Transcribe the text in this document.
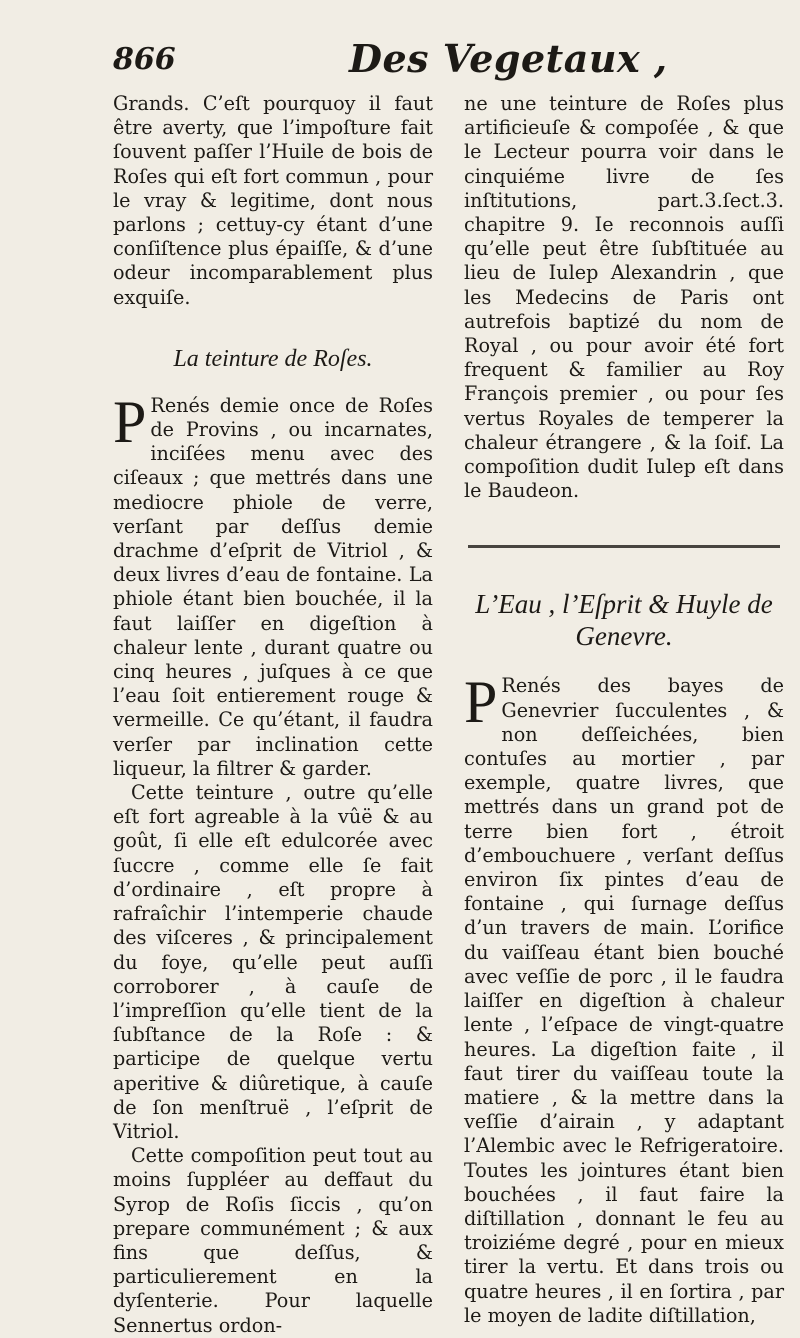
866	Des Vegetaux ,

Grands. C’eſt pourquoy il faut être averty, que l’impoſture fait ſouvent paſſer l’Huile de bois de Roſes qui eſt fort commun , pour le vray & legitime, dont nous parlons ; cettuy-cy étant d’une conſiſtence plus épaiſſe, & d’une odeur incomparablement plus exquiſe.

La teinture de Roſes.

P Renés demie once de Roſes de Provins , ou incarnates, inciſées menu avec des ciſeaux ; que mettrés dans une mediocre phiole de verre, verſant par deſſus demie drachme d’eſprit de Vitriol , & deux livres d’eau de fontaine. La phiole étant bien bouchée, il la faut laiſſer en digeſtion à chaleur lente , durant quatre ou cinq heures , juſques à ce que l’eau ſoit entierement rouge & vermeille. Ce qu’étant, il faudra verſer par inclination cette liqueur, la filtrer & garder.

Cette teinture , outre qu’elle eſt fort agreable à la vûë & au goût, ſi elle eſt edulcorée avec ſuccre , comme elle ſe fait d’ordinaire , eſt propre à rafraîchir l’intemperie chaude des viſceres , & principalement du foye, qu’elle peut auſſi corroborer , à cauſe de l’impreſſion qu’elle tient de la ſubſtance de la Roſe : & participe de quelque vertu aperitive & diûretique, à cauſe de ſon menſtruë , l’eſprit de Vitriol.

Cette compoſition peut tout au moins ſuppléer au deffaut du Syrop de Roſis ſiccis , qu’on prepare communément ; & aux fins que deſſus, & particulierement en la dyſenterie. Pour laquelle Sennertus ordon-

ne une teinture de Roſes plus artificieuſe & compoſée , & que le Lecteur pourra voir dans le cinquiéme livre de ſes inſtitutions, part.3.ſect.3. chapitre 9. Ie reconnois auſſi qu’elle peut être ſubſtituée au lieu de Iulep Alexandrin , que les Medecins de Paris ont autrefois baptizé du nom de Royal , ou pour avoir été fort frequent & familier au Roy François premier , ou pour ſes vertus Royales de temperer la chaleur étrangere , & la ſoif. La compoſition dudit Iulep eſt dans le Baudeon.

L’Eau , l’Eſprit & Huyle de Genevre.

P Renés des bayes de Genevrier ſucculentes , & non deſſeichées, bien contuſes au mortier , par exemple, quatre livres, que mettrés dans un grand pot de terre bien fort , étroit d’embouchuere , verſant deſſus environ ſix pintes d’eau de fontaine , qui ſurnage deſſus d’un travers de main. L’orifice du vaiſſeau étant bien bouché avec veſſie de porc , il le faudra laiſſer en digeſtion à chaleur lente , l’eſpace de vingt-quatre heures. La digeſtion faite , il faut tirer du vaiſſeau toute la matiere , & la mettre dans la veſſie d’airain , y adaptant l’Alembic avec le Refrigeratoire. Toutes les jointures étant bien bouchées , il faut faire la diſtillation , donnant le feu au troiziéme degré , pour en mieux tirer la vertu. Et dans trois ou quatre heures , il en ſortira , par le moyen de ladite diſtillation,
